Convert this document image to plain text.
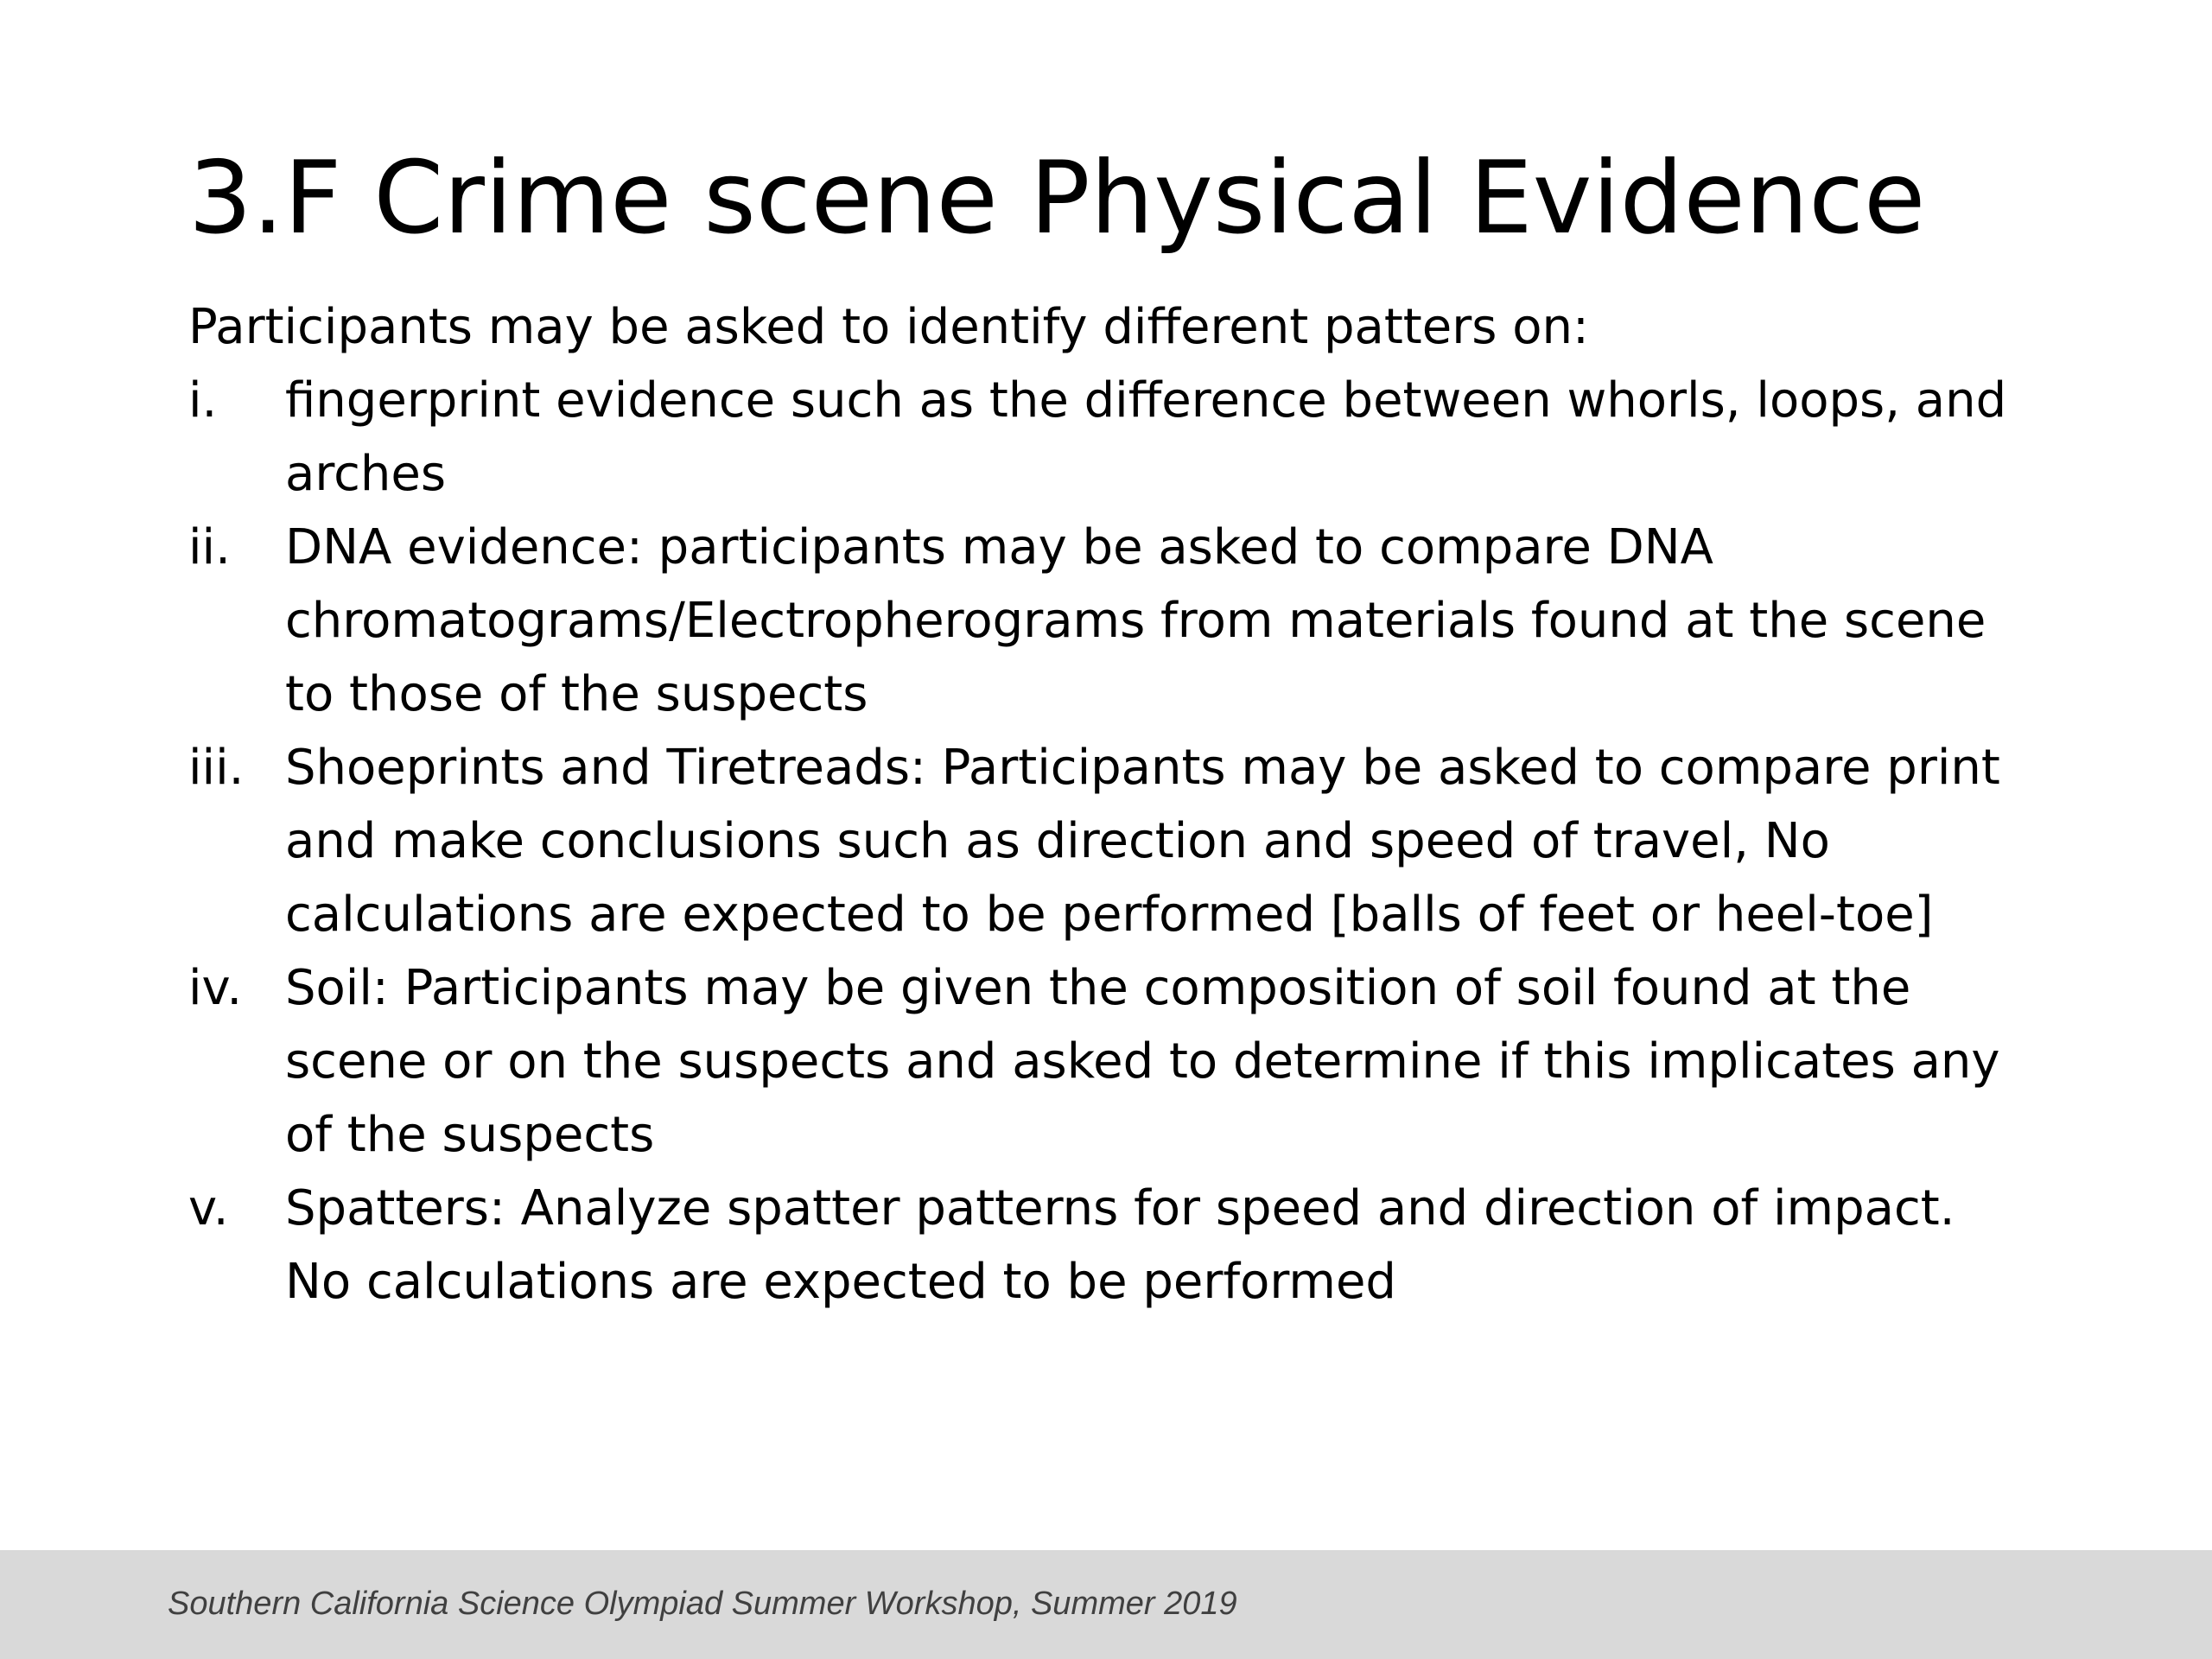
3.F Crime scene Physical Evidence

Participants may be asked to identify different patters on:

i. fingerprint evidence such as the difference between whorls, loops, and arches
ii. DNA evidence: participants may be asked to compare DNA chromatograms/Electropherograms from materials found at the scene to those of the suspects
iii. Shoeprints and Tiretreads: Participants may be asked to compare print and make conclusions such as direction and speed of travel, No calculations are expected to be performed [balls of feet or heel-toe]
iv. Soil: Participants may be given the composition of soil found at the scene or on the suspects and asked to determine if this implicates any of the suspects
v. Spatters: Analyze spatter patterns for speed and direction of impact. No calculations are expected to be performed
Southern California Science Olympiad Summer Workshop, Summer 2019
